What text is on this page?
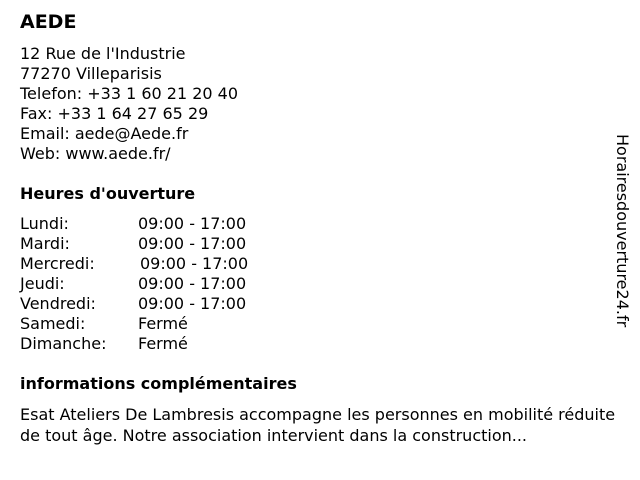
AEDE
12 Rue de l'Industrie
77270 Villeparisis
Telefon: +33 1 60 21 20 40
Fax: +33 1 64 27 65 29
Email: aede@Aede.fr
Web: www.aede.fr/
Heures d'ouverture
Lundi:	09:00 - 17:00
Mardi:	09:00 - 17:00
Mercredi:	09:00 - 17:00
Jeudi:	09:00 - 17:00
Vendredi:	09:00 - 17:00
Samedi:	Fermé
Dimanche: Fermé
informations complémentaires
Esat Ateliers De Lambresis accompagne les personnes en mobilité réduite de tout âge. Notre association intervient dans la construction...
Horairesdouverture24.fr
